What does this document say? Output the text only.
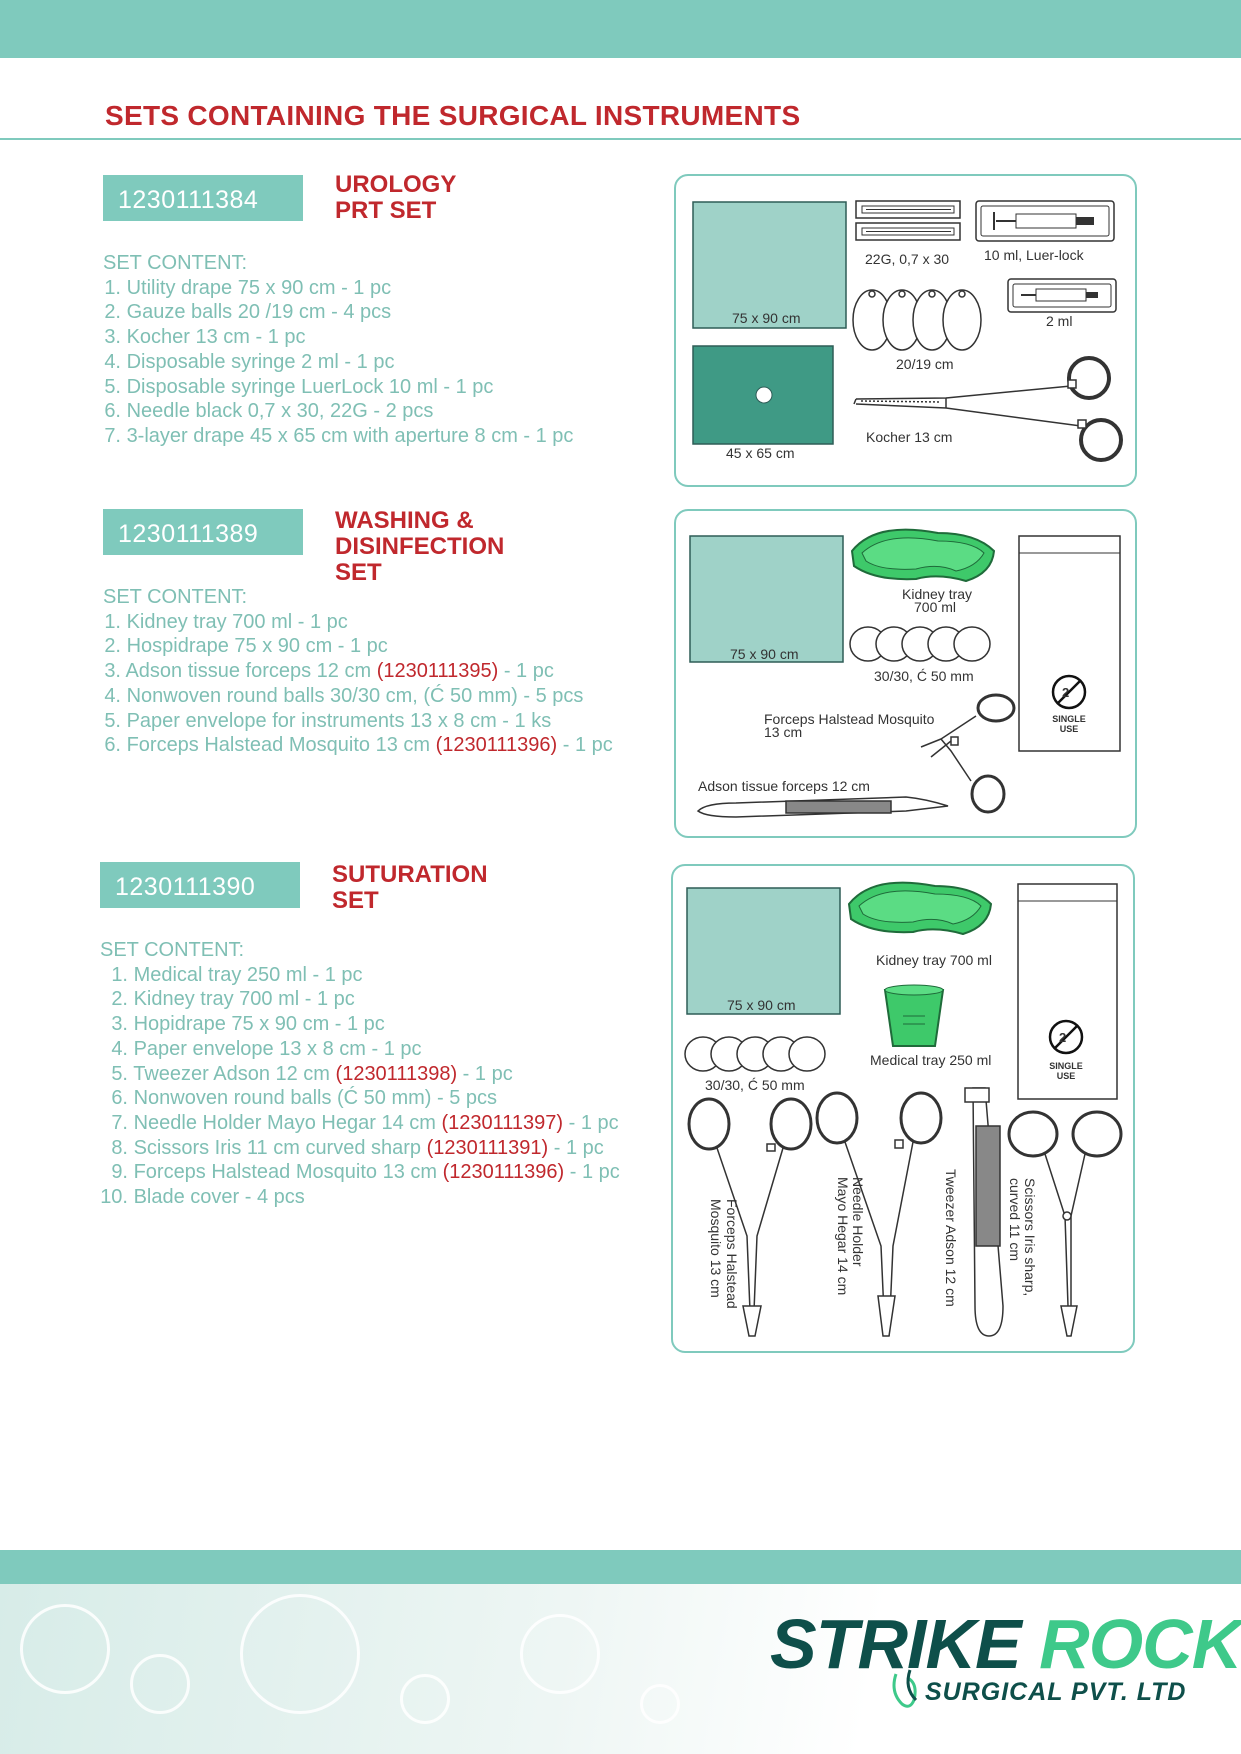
SETS CONTAINING THE SURGICAL INSTRUMENTS
1230111384
UROLOGY
PRT SET
SET CONTENT:
1. Utility drape 75 x 90 cm - 1 pc
2. Gauze balls 20 /19 cm - 4 pcs
3. Kocher 13 cm - 1 pc
4. Disposable syringe 2 ml - 1 pc
5. Disposable syringe LuerLock 10 ml - 1 pc
6. Needle black 0,7 x 30, 22G - 2 pcs
7. 3-layer drape 45 x 65 cm with aperture 8 cm - 1 pc
75 x 90 cm
22G, 0,7 x 30 10 ml, Luer-lock
2 ml
20/19 cm
45 x 65 cm
Kocher 13 cm
1230111389	WASHING &
DISINFECTION
SET
SET CONTENT:
1. Kidney tray 700 ml - 1 pc
2. Hospidrape 75 x 90 cm - 1 pc
3. Adson tissue forceps 12 cm (1230111395) - 1 pc
4. Nonwoven round balls 30/30 cm, (Ć 50 mm) - 5 pcs
5. Paper envelope for instruments 13 x 8 cm - 1 ks
6. Forceps Halstead Mosquito 13 cm (1230111396) - 1 pc
75 x 90 cm
Kidney tray
700 ml
30/30, Ć 50 mm
Forceps Halstead Mosquito
13 cm
Adson tissue forceps 12 cm
2
SINGLE
USE
1230111390	SUTURATION
SET
SET CONTENT:
1. Medical tray 250 ml - 1 pc
2. Kidney tray 700 ml - 1 pc
3. Hopidrape 75 x 90 cm - 1 pc
4. Paper envelope 13 x 8 cm - 1 pc
5. Tweezer Adson 12 cm (1230111398) - 1 pc
6. Nonwoven round balls (Ć 50 mm) - 5 pcs
7. Needle Holder Mayo Hegar 14 cm (1230111397) - 1 pc
8. Scissors Iris 11 cm curved sharp (1230111391) - 1 pc
9. Forceps Halstead Mosquito 13 cm (1230111396) - 1 pc
10. Blade cover - 4 pcs
75 x 90 cm
Kidney tray 700 ml
Medical tray 250 ml
30/30, Ć 50 mm
Forceps Halstead
Mosquito 13 cm	Needle Holder
Mayo Hegar 14 cm	Tweezer Adson 12 cm	Scissors Iris sharp,
curved 11 cm
2
SINGLE
USE
STRIKE ROCK
SURGICAL PVT. LTD
